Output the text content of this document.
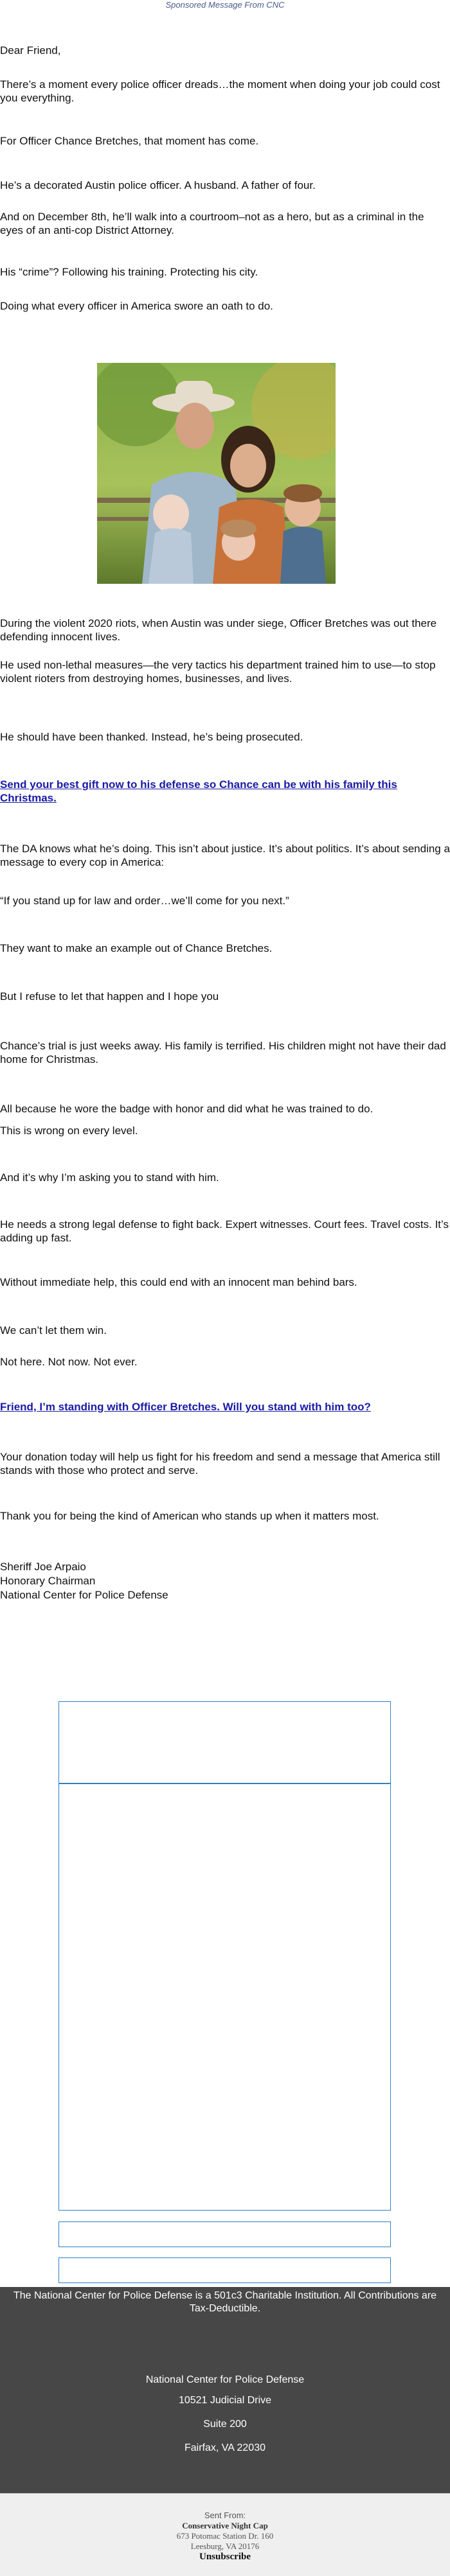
Sponsored Message From CNC
Dear Friend,
There’s a moment every police officer dreads…the moment when doing your job could cost you everything.
For Officer Chance Bretches, that moment has come.
He’s a decorated Austin police officer. A husband. A father of four.
And on December 8th, he’ll walk into a courtroom–not as a hero, but as a criminal in the eyes of an anti-cop District Attorney.
His “crime”? Following his training. Protecting his city.
Doing what every officer in America swore an oath to do.
During the violent 2020 riots, when Austin was under siege, Officer Bretches was out there defending innocent lives.
He used non-lethal measures—the very tactics his department trained him to use—to stop violent rioters from destroying homes, businesses, and lives.
He should have been thanked. Instead, he’s being prosecuted.
Send your best gift now to his defense so Chance can be with his family this Christmas.
The DA knows what he’s doing. This isn’t about justice. It’s about politics. It’s about sending a message to every cop in America:
“If you stand up for law and order…we’ll come for you next.”
They want to make an example out of Chance Bretches.
But I refuse to let that happen and I hope you
Chance’s trial is just weeks away. His family is terrified. His children might not have their dad home for Christmas.
All because he wore the badge with honor and did what he was trained to do.
This is wrong on every level.
And it’s why I’m asking you to stand with him.
He needs a strong legal defense to fight back. Expert witnesses. Court fees. Travel costs. It’s adding up fast.
Without immediate help, this could end with an innocent man behind bars.
We can’t let them win.
Not here. Not now. Not ever.
Friend, I’m standing with Officer Bretches. Will you stand with him too?
Your donation today will help us fight for his freedom and send a message that America still stands with those who protect and serve.
Thank you for being the kind of American who stands up when it matters most.
Sheriff Joe Arpaio
Honorary Chairman
National Center for Police Defense
The National Center for Police Defense is a 501c3 Charitable Institution. All Contributions are Tax-Deductible.
National Center for Police Defense
10521 Judicial Drive
Suite 200
Fairfax, VA 22030
Sent From:
Conservative Night Cap
673 Potomac Station Dr. 160
Leesburg, VA 20176
Unsubscribe
